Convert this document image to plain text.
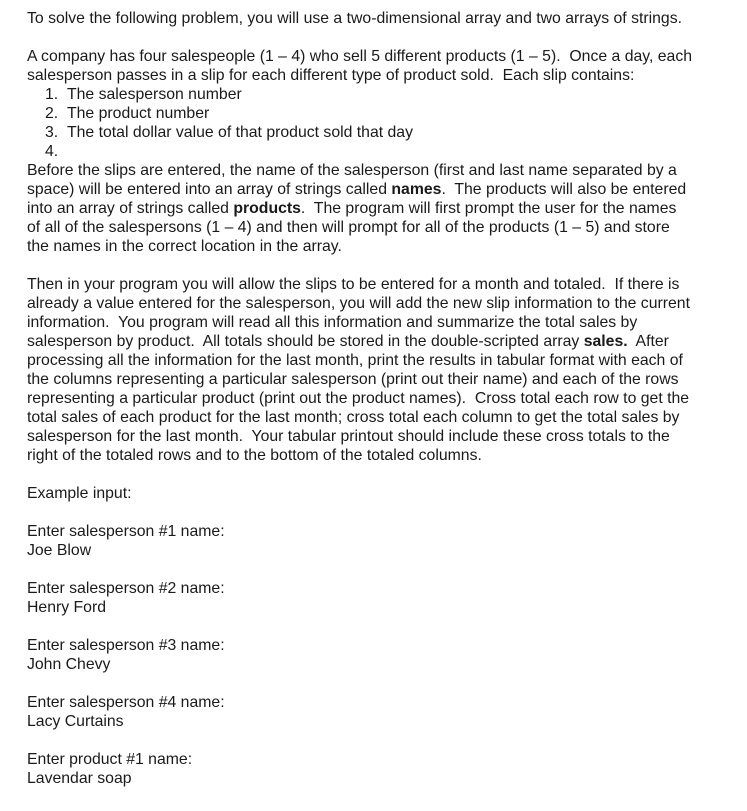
To solve the following problem, you will use a two-dimensional array and two arrays of strings.

A company has four salespeople (1 – 4) who sell 5 different products (1 – 5).  Once a day, each salesperson passes in a slip for each different type of product sold.  Each slip contains:

1. The salesperson number
2. The product number
3. The total dollar value of that product sold that day
4.

Before the slips are entered, the name of the salesperson (first and last name separated by a space) will be entered into an array of strings called names.  The products will also be entered into an array of strings called products.  The program will first prompt the user for the names of all of the salespersons (1 – 4) and then will prompt for all of the products (1 – 5) and store the names in the correct location in the array.

Then in your program you will allow the slips to be entered for a month and totaled.  If there is already a value entered for the salesperson, you will add the new slip information to the current information.  You program will read all this information and summarize the total sales by salesperson by product.  All totals should be stored in the double-scripted array sales.  After processing all the information for the last month, print the results in tabular format with each of the columns representing a particular salesperson (print out their name) and each of the rows representing a particular product (print out the product names).  Cross total each row to get the total sales of each product for the last month; cross total each column to get the total sales by salesperson for the last month.  Your tabular printout should include these cross totals to the right of the totaled rows and to the bottom of the totaled columns.

Example input:

Enter salesperson #1 name:
Joe Blow
Enter salesperson #2 name:
Henry Ford
Enter salesperson #3 name:
John Chevy
Enter salesperson #4 name:
Lacy Curtains
Enter product #1 name:
Lavendar soap
